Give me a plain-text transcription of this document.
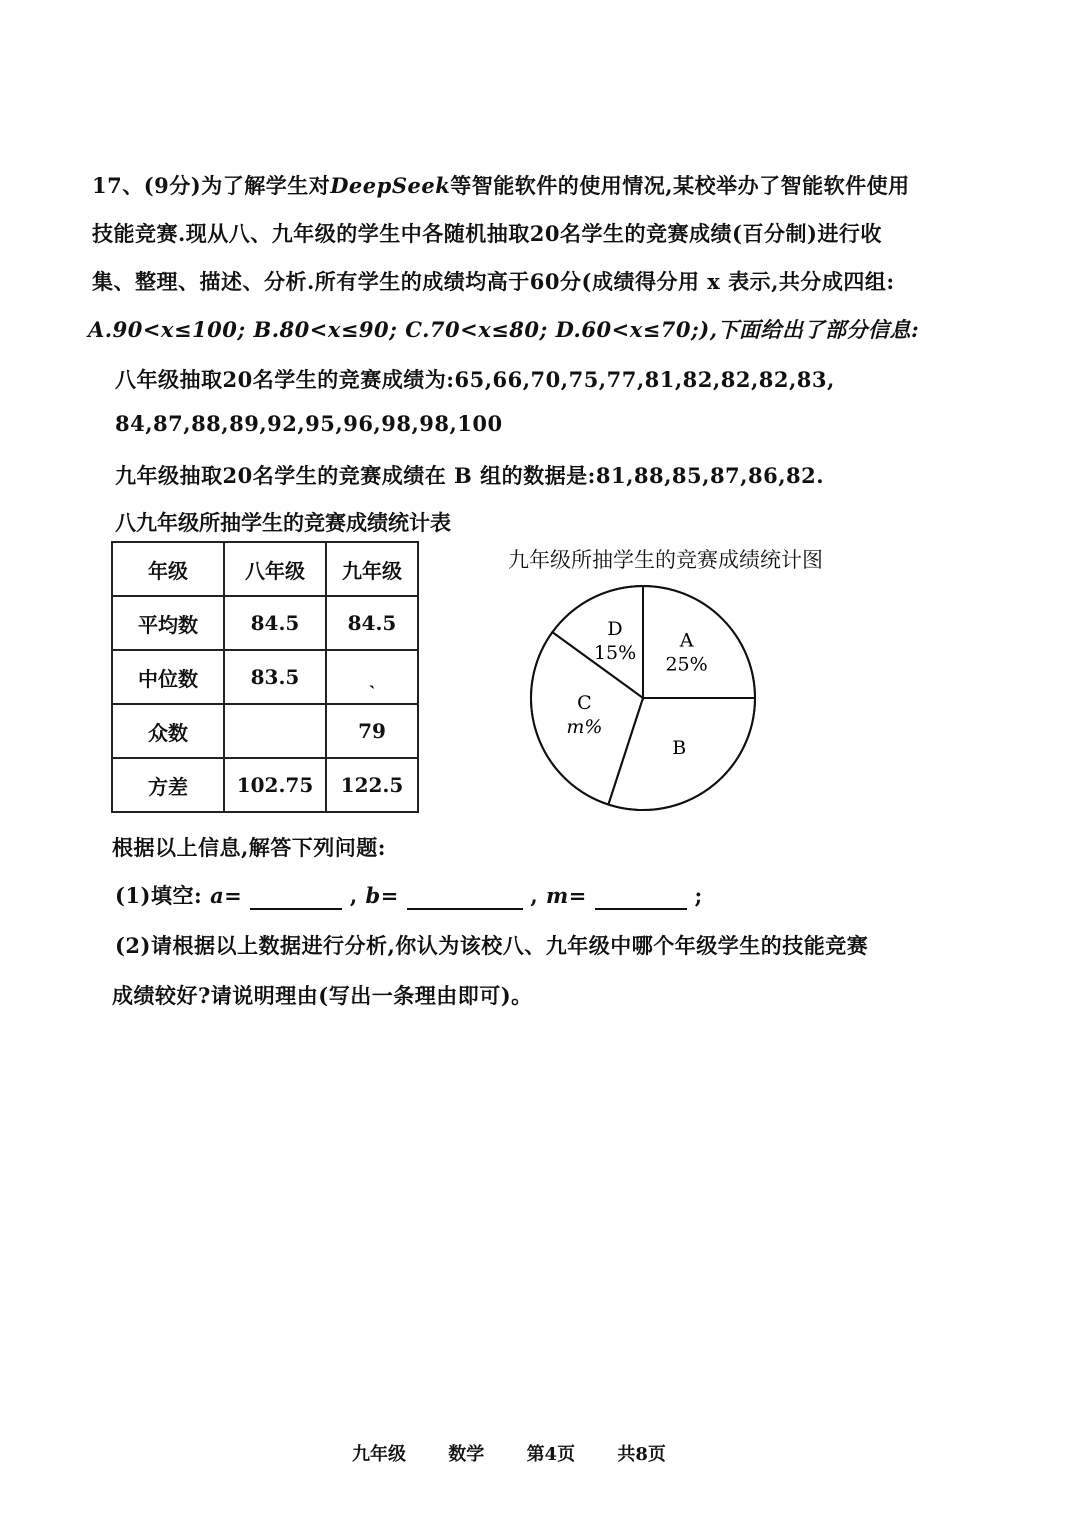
17、(9分)为了解学生对DeepSeek等智能软件的使用情况,某校举办了智能软件使用
技能竞赛.现从八、九年级的学生中各随机抽取20名学生的竞赛成绩(百分制)进行收
集、整理、描述、分析.所有学生的成绩均高于60分(成绩得分用 x 表示,共分成四组:
A.90<x≤100; B.80<x≤90; C.70<x≤80; D.60<x≤70;),下面给出了部分信息:
八年级抽取20名学生的竞赛成绩为:65,66,70,75,77,81,82,82,82,83,
84,87,88,89,92,95,96,98,98,100
九年级抽取20名学生的竞赛成绩在 B 组的数据是:81,88,85,87,86,82.
八九年级所抽学生的竞赛成绩统计表
年级	八年级	九年级
平均数	84.5	84.5
中位数	83.5	ˎ
众数		79
方差	102.75	122.5
九年级所抽学生的竞赛成绩统计图
A
25%
B
C
m%
D
15%
根据以上信息,解答下列问题:
(1)填空: a=	, b=	, m=	;
(2)请根据以上数据进行分析,你认为该校八、九年级中哪个年级学生的技能竞赛
成绩较好?请说明理由(写出一条理由即可)。
九年级 数学 第4页 共8页
